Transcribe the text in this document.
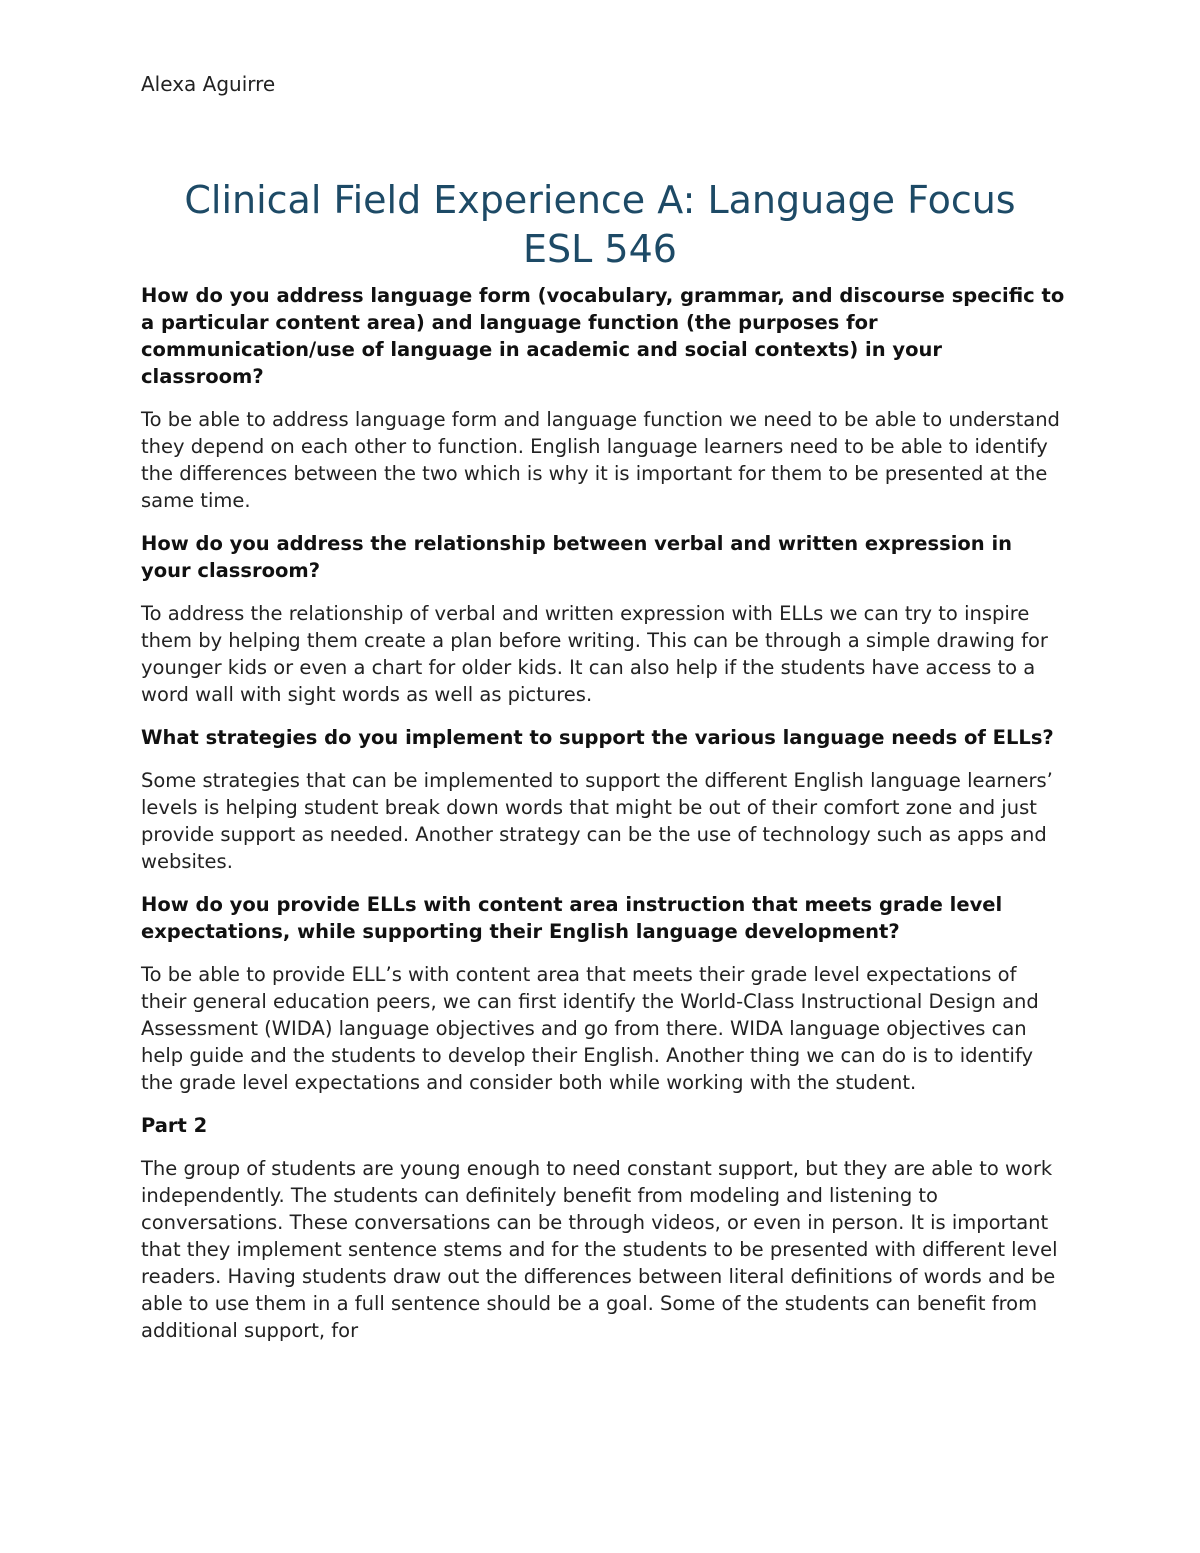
Alexa Aguirre
Clinical Field Experience A: Language Focus
ESL 546

How do you address language form (vocabulary, grammar, and discourse specific to a particular content area) and language function (the purposes for communication/use of language in academic and social contexts) in your classroom?

To be able to address language form and language function we need to be able to understand they depend on each other to function. English language learners need to be able to identify the differences between the two which is why it is important for them to be presented at the same time.

How do you address the relationship between verbal and written expression in your classroom?

To address the relationship of verbal and written expression with ELLs we can try to inspire them by helping them create a plan before writing. This can be through a simple drawing for younger kids or even a chart for older kids. It can also help if the students have access to a word wall with sight words as well as pictures.

What strategies do you implement to support the various language needs of ELLs?

Some strategies that can be implemented to support the different English language learners’ levels is helping student break down words that might be out of their comfort zone and just provide support as needed. Another strategy can be the use of technology such as apps and websites.

How do you provide ELLs with content area instruction that meets grade level expectations, while supporting their English language development?

To be able to provide ELL’s with content area that meets their grade level expectations of their general education peers, we can first identify the World-Class Instructional Design and Assessment (WIDA) language objectives and go from there. WIDA language objectives can help guide and the students to develop their English. Another thing we can do is to identify the grade level expectations and consider both while working with the student.

Part 2

The group of students are young enough to need constant support, but they are able to work independently. The students can definitely benefit from modeling and listening to conversations. These conversations can be through videos, or even in person. It is important that they implement sentence stems and for the students to be presented with different level readers. Having students draw out the differences between literal definitions of words and be able to use them in a full sentence should be a goal. Some of the students can benefit from additional support, for
